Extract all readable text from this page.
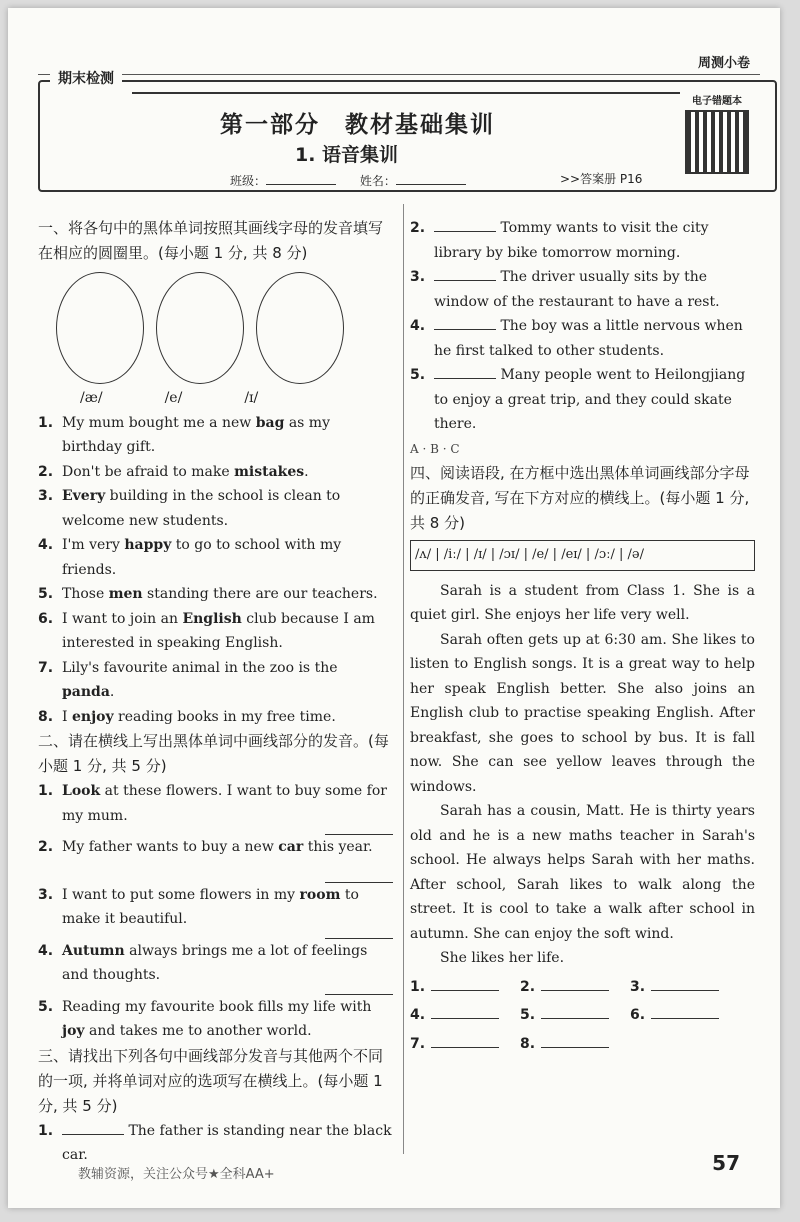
周测小卷
期末检测
第一部分　教材基础集训
1. 语音集训
班级：	姓名：	>>答案册 P16
电子错题本
一、将各句中的黑体单词按照其画线字母的发音填写在相应的圆圈里。(每小题 1 分, 共 8 分)
/æ/	/e/	/ɪ/
1. My mum bought me a new bag as my birthday gift.
2. Don't be afraid to make mistakes.
3. Every building in the school is clean to welcome new students.
4. I'm very happy to go to school with my friends.
5. Those men standing there are our teachers.
6. I want to join an English club because I am interested in speaking English.
7. Lily's favourite animal in the zoo is the panda.
8. I enjoy reading books in my free time.
二、请在横线上写出黑体单词中画线部分的发音。(每小题 1 分, 共 5 分)
1. Look at these flowers. I want to buy some for my mum.
2. My father wants to buy a new car this year.
3. I want to put some flowers in my room to make it beautiful.
4. Autumn always brings me a lot of feelings and thoughts.
5. Reading my favourite book fills my life with joy and takes me to another world.
三、请找出下列各句中画线部分发音与其他两个不同的一项, 并将单词对应的选项写在横线上。(每小题 1 分, 共 5 分)
1.	The father is standing near the black car.
2.	Tommy wants to visit the city library by bike tomorrow morning.
3.	The driver usually sits by the window of the restaurant to have a rest.
4.	The boy was a little nervous when he first talked to other students.
5.	Many people went to Heilongjiang to enjoy a great trip, and they could skate there.
A · B · C
四、阅读语段, 在方框中选出黑体单词画线部分字母的正确发音, 写在下方对应的横线上。(每小题 1 分, 共 8 分)
/ʌ/ | /iː/ | /ɪ/ | /ɔɪ/ | /e/ | /eɪ/ | /ɔː/ | /ə/

Sarah is a student from Class 1. She is a quiet girl. She enjoys her life very well.

Sarah often gets up at 6:30 am. She likes to listen to English songs. It is a great way to help her speak English better. She also joins an English club to practise speaking English. After breakfast, she goes to school by bus. It is fall now. She can see yellow leaves through the windows.

Sarah has a cousin, Matt. He is thirty years old and he is a new maths teacher in Sarah's school. He always helps Sarah with her maths. After school, Sarah likes to walk along the street. It is cool to take a walk after school in autumn. She can enjoy the soft wind.

She likes her life.

1.	2.	3.
4.	5.	6.
7.	8.
教辅资源，关注公众号★全科AA+	57
